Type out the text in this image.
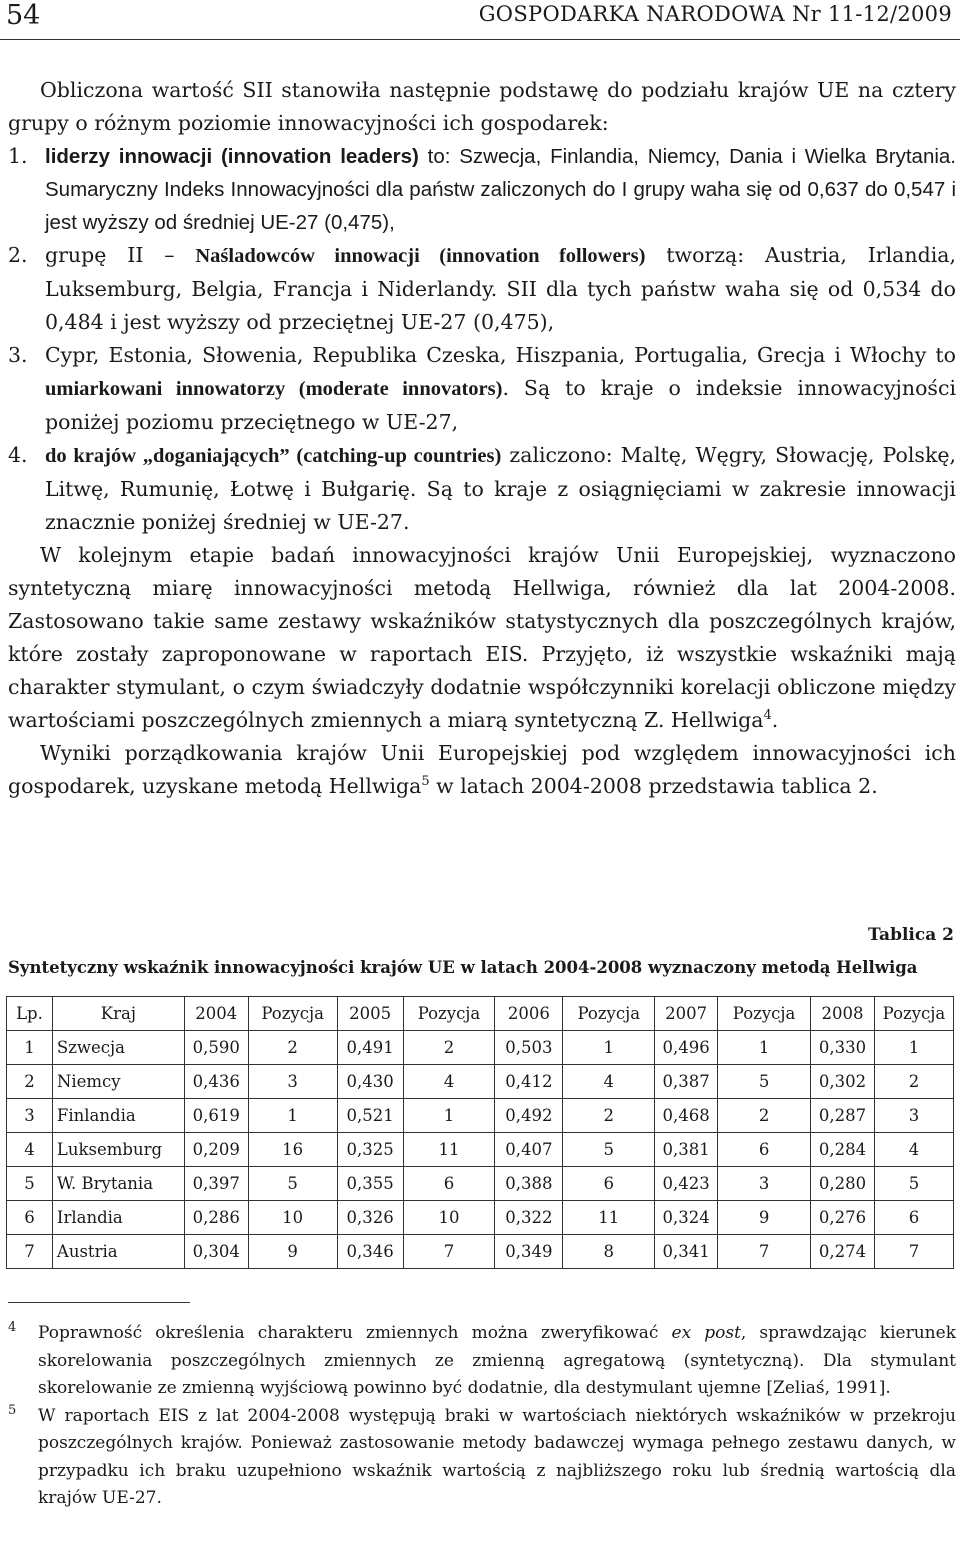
54	GOSPODARKA NARODOWA Nr 11-12/2009

Obliczona wartość SII stanowiła następnie podstawę do podziału krajów UE na cztery grupy o różnym poziomie innowacyjności ich gospodarek:

1. liderzy innowacji (innovation leaders) to: Szwecja, Finlandia, Niemcy, Dania i Wielka Brytania. Sumaryczny Indeks Innowacyjności dla państw zaliczonych do I grupy waha się od 0,637 do 0,547 i jest wyższy od średniej UE-27 (0,475),

2. grupę II – Naśladowców innowacji (innovation followers) tworzą: Austria, Irlandia, Luksemburg, Belgia, Francja i Niderlandy. SII dla tych państw waha się od 0,534 do 0,484 i jest wyższy od przeciętnej UE-27 (0,475),

3. Cypr, Estonia, Słowenia, Republika Czeska, Hiszpania, Portugalia, Grecja i Włochy to umiarkowani innowatorzy (moderate innovators). Są to kraje o indeksie innowacyjności poniżej poziomu przeciętnego w UE-27,

4. do krajów „doganiających” (catching-up countries) zaliczono: Maltę, Węgry, Słowację, Polskę, Litwę, Rumunię, Łotwę i Bułgarię. Są to kraje z osiągnięciami w zakresie innowacji znacznie poniżej średniej w UE-27.

W kolejnym etapie badań innowacyjności krajów Unii Europejskiej, wyznaczono syntetyczną miarę innowacyjności metodą Hellwiga, również dla lat 2004-2008. Zastosowano takie same zestawy wskaźników statystycznych dla poszczególnych krajów, które zostały zaproponowane w raportach EIS. Przyjęto, iż wszystkie wskaźniki mają charakter stymulant, o czym świadczyły dodatnie współczynniki korelacji obliczone między wartościami poszczególnych zmiennych a miarą syntetyczną Z. Hellwiga$^4$.

Wyniki porządkowania krajów Unii Europejskiej pod względem innowacyjności ich gospodarek, uzyskane metodą Hellwiga$^5$ w latach 2004-2008 przedstawia tablica 2.

Tablica 2
Syntetyczny wskaźnik innowacyjności krajów UE w latach 2004-2008 wyznaczony metodą Hellwiga
Lp.	Kraj	2004	Pozycja	2005	Pozycja	2006	Pozycja	2007	Pozycja	2008	Pozycja
1	Szwecja	0,590	2	0,491	2	0,503	1	0,496	1	0,330	1
2	Niemcy	0,436	3	0,430	4	0,412	4	0,387	5	0,302	2
3	Finlandia	0,619	1	0,521	1	0,492	2	0,468	2	0,287	3
4	Luksemburg	0,209	16	0,325	11	0,407	5	0,381	6	0,284	4
5	W. Brytania	0,397	5	0,355	6	0,388	6	0,423	3	0,280	5
6	Irlandia	0,286	10	0,326	10	0,322	11	0,324	9	0,276	6
7	Austria	0,304	9	0,346	7	0,349	8	0,341	7	0,274	7

4 Poprawność określenia charakteru zmiennych można zweryfikować ex post, sprawdzając kierunek skorelowania poszczególnych zmiennych ze zmienną agregatową (syntetyczną). Dla stymulant skorelowanie ze zmienną wyjściową powinno być dodatnie, dla destymulant ujemne [Zeliaś, 1991].

5 W raportach EIS z lat 2004-2008 występują braki w wartościach niektórych wskaźników w przekroju poszczególnych krajów. Ponieważ zastosowanie metody badawczej wymaga pełnego zestawu danych, w przypadku ich braku uzupełniono wskaźnik wartością z najbliższego roku lub średnią wartością dla krajów UE-27.
